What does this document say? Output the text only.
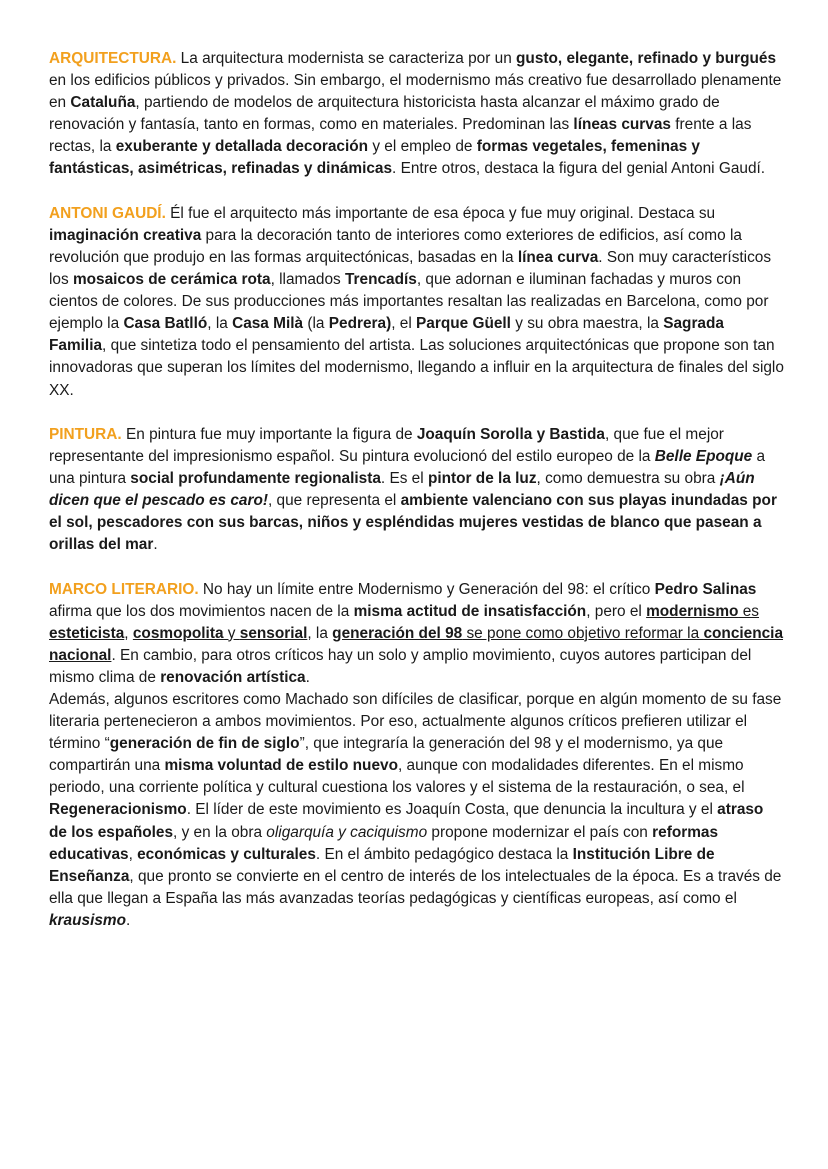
ARQUITECTURA. La arquitectura modernista se caracteriza por un gusto, elegante, refinado y burgués en los edificios públicos y privados. Sin embargo, el modernismo más creativo fue desarrollado plenamente en Cataluña, partiendo de modelos de arquitectura historicista hasta alcanzar el máximo grado de renovación y fantasía, tanto en formas, como en materiales. Predominan las líneas curvas frente a las rectas, la exuberante y detallada decoración y el empleo de formas vegetales, femeninas y fantásticas, asimétricas, refinadas y dinámicas. Entre otros, destaca la figura del genial Antoni Gaudí.

ANTONI GAUDÍ. Él fue el arquitecto más importante de esa época y fue muy original. Destaca su imaginación creativa para la decoración tanto de interiores como exteriores de edificios, así como la revolución que produjo en las formas arquitectónicas, basadas en la línea curva. Son muy característicos los mosaicos de cerámica rota, llamados Trencadís, que adornan e iluminan fachadas y muros con cientos de colores. De sus producciones más importantes resaltan las realizadas en Barcelona, como por ejemplo la Casa Batlló, la Casa Milà (la Pedrera), el Parque Güell y su obra maestra, la Sagrada Familia, que sintetiza todo el pensamiento del artista. Las soluciones arquitectónicas que propone son tan innovadoras que superan los límites del modernismo, llegando a influir en la arquitectura de finales del siglo XX.

PINTURA. En pintura fue muy importante la figura de Joaquín Sorolla y Bastida, que fue el mejor representante del impresionismo español. Su pintura evolucionó del estilo europeo de la Belle Epoque a una pintura social profundamente regionalista. Es el pintor de la luz, como demuestra su obra ¡Aún dicen que el pescado es caro!, que representa el ambiente valenciano con sus playas inundadas por el sol, pescadores con sus barcas, niños y espléndidas mujeres vestidas de blanco que pasean a orillas del mar.

MARCO LITERARIO. No hay un límite entre Modernismo y Generación del 98: el crítico Pedro Salinas afirma que los dos movimientos nacen de la misma actitud de insatisfacción, pero el modernismo es esteticista, cosmopolita y sensorial, la generación del 98 se pone como objetivo reformar la conciencia nacional. En cambio, para otros críticos hay un solo y amplio movimiento, cuyos autores participan del mismo clima de renovación artística.

Además, algunos escritores como Machado son difíciles de clasificar, porque en algún momento de su fase literaria pertenecieron a ambos movimientos. Por eso, actualmente algunos críticos prefieren utilizar el término “generación de fin de siglo”, que integraría la generación del 98 y el modernismo, ya que compartirán una misma voluntad de estilo nuevo, aunque con modalidades diferentes. En el mismo periodo, una corriente política y cultural cuestiona los valores y el sistema de la restauración, o sea, el Regeneracionismo. El líder de este movimiento es Joaquín Costa, que denuncia la incultura y el atraso de los españoles, y en la obra oligarquía y caciquismo propone modernizar el país con reformas educativas, económicas y culturales. En el ámbito pedagógico destaca la Institución Libre de Enseñanza, que pronto se convierte en el centro de interés de los intelectuales de la época. Es a través de ella que llegan a España las más avanzadas teorías pedagógicas y científicas europeas, así como el krausismo.
